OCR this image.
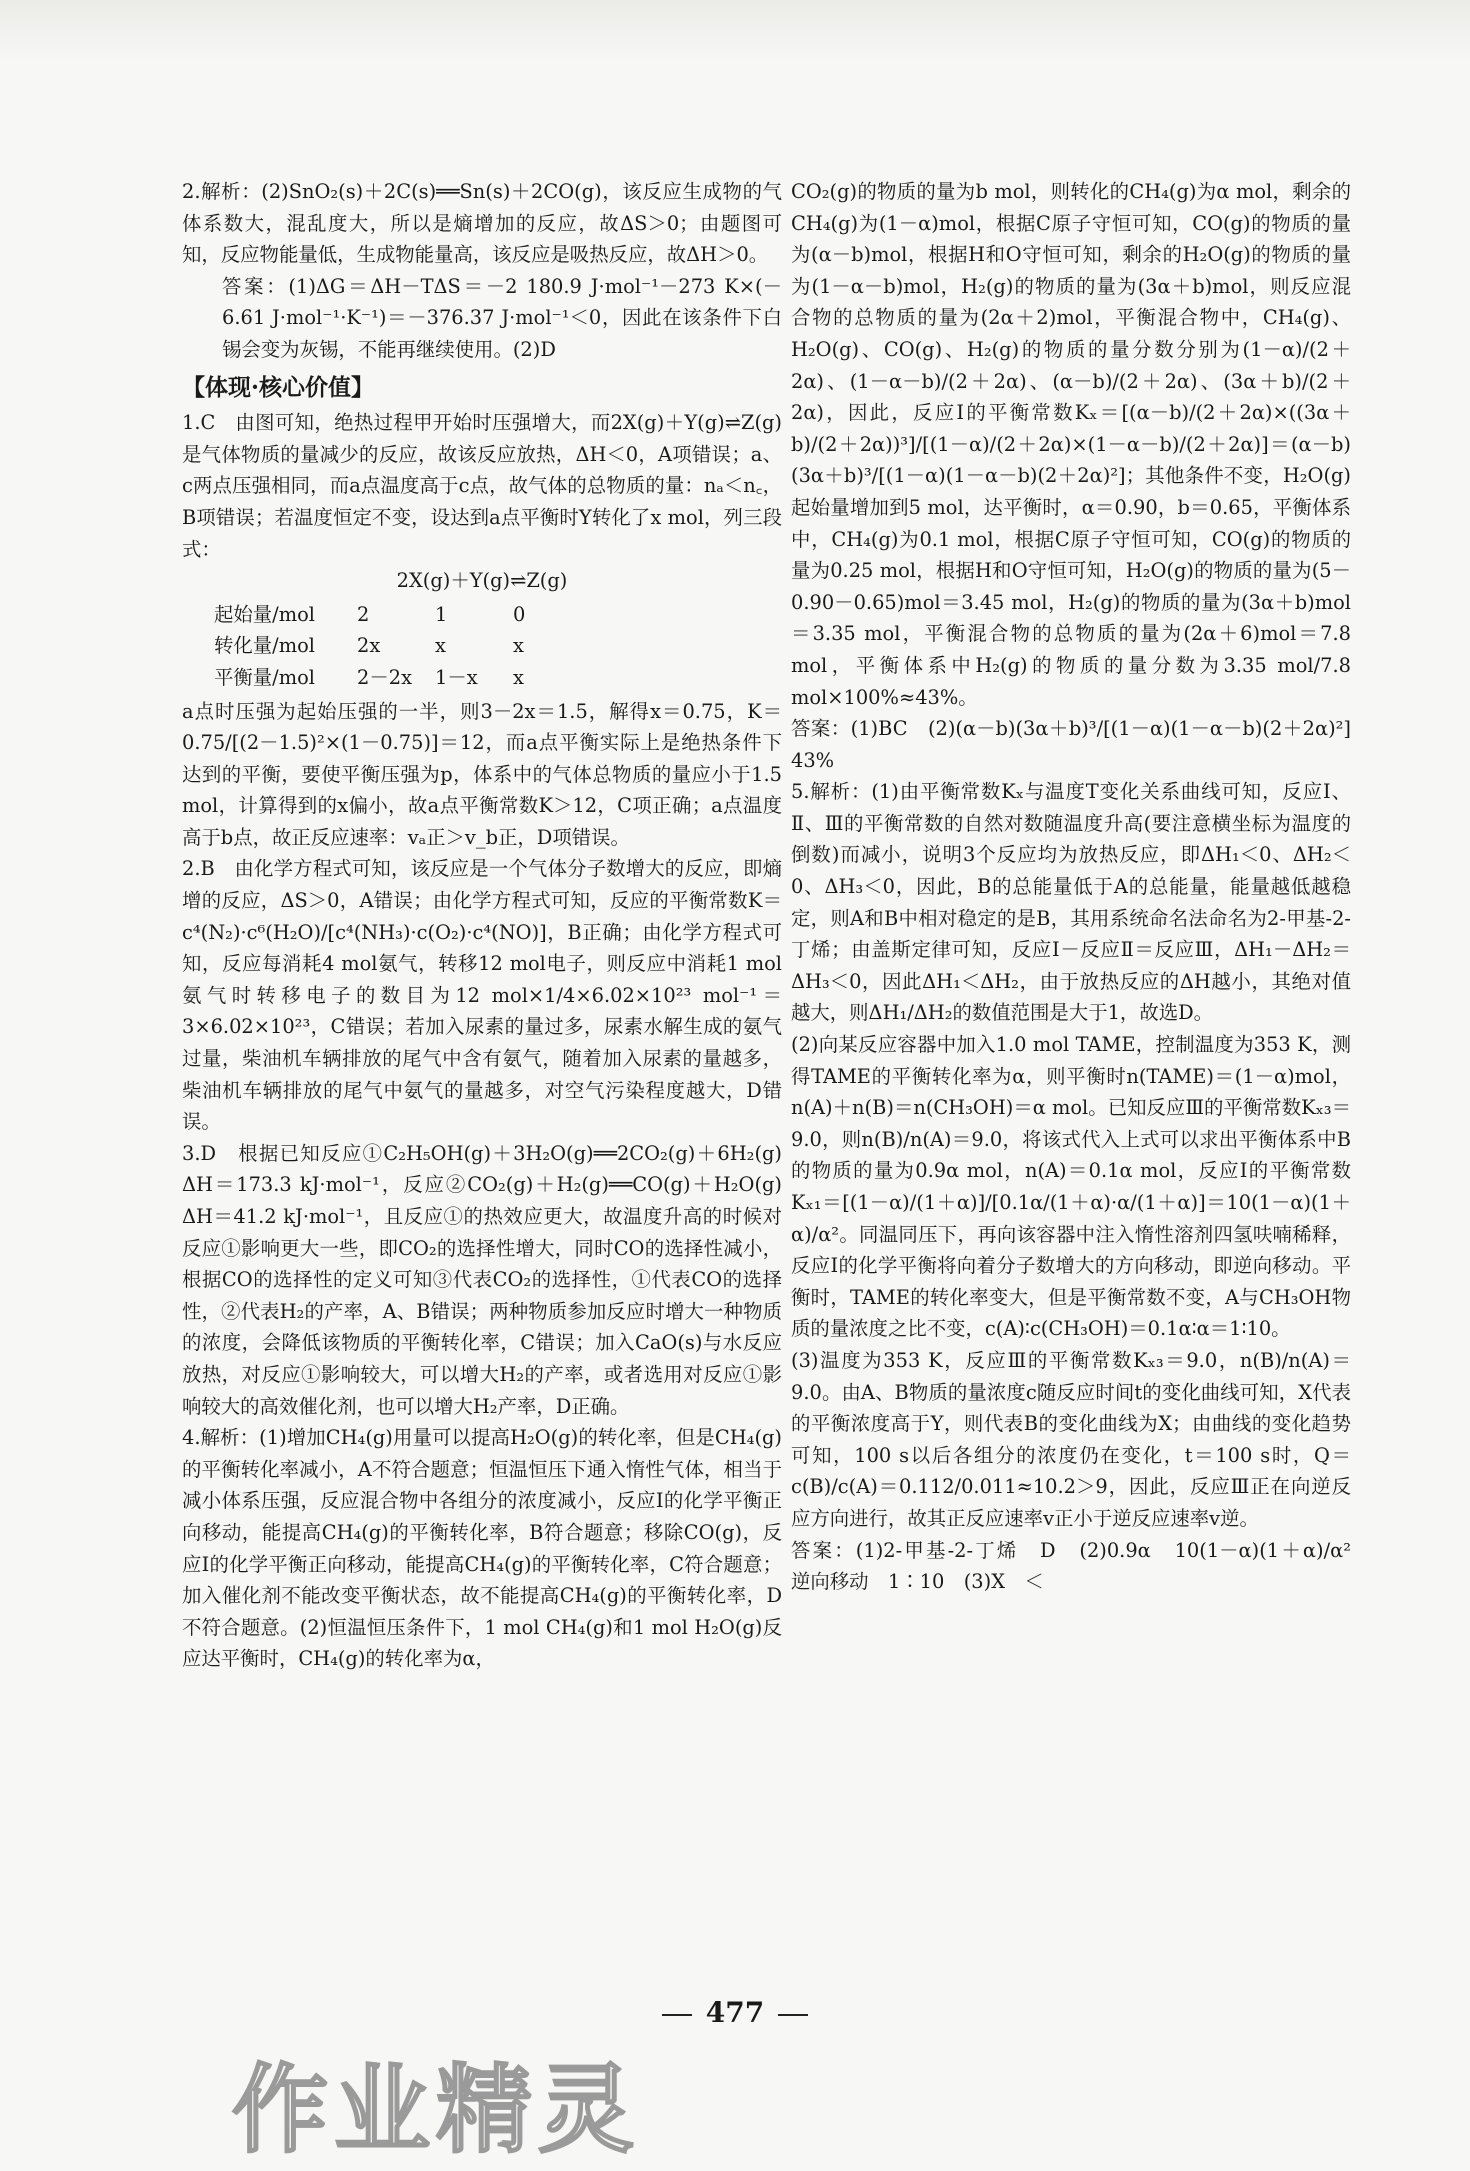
2.解析：(2)SnO₂(s)＋2C(s)══Sn(s)＋2CO(g)，该反应生成物的气体系数大，混乱度大，所以是熵增加的反应，故ΔS＞0；由题图可知，反应物能量低，生成物能量高，该反应是吸热反应，故ΔH＞0。

答案：(1)ΔG＝ΔH－TΔS＝－2 180.9 J·mol⁻¹－273 K×(－6.61 J·mol⁻¹·K⁻¹)＝－376.37 J·mol⁻¹＜0，因此在该条件下白锡会变为灰锡，不能再继续使用。(2)D

【体现·核心价值】

1.C　由图可知，绝热过程甲开始时压强增大，而2X(g)＋Y(g)⇌Z(g)是气体物质的量减少的反应，故该反应放热，ΔH＜0，A项错误；a、c两点压强相同，而a点温度高于c点，故气体的总物质的量：nₐ＜n꜀，B项错误；若温度恒定不变，设达到a点平衡时Y转化了x mol，列三段式：

2X(g)＋Y(g)⇌Z(g)

起始量/mol	2	1	0
转化量/mol	2x	x	x
平衡量/mol	2－2x	1－x	x

a点时压强为起始压强的一半，则3－2x＝1.5，解得x＝0.75，K＝0.75/[(2－1.5)²×(1－0.75)]＝12，而a点平衡实际上是绝热条件下达到的平衡，要使平衡压强为p，体系中的气体总物质的量应小于1.5 mol，计算得到的x偏小，故a点平衡常数K＞12，C项正确；a点温度高于b点，故正反应速率：vₐ正＞v_b正，D项错误。

2.B　由化学方程式可知，该反应是一个气体分子数增大的反应，即熵增的反应，ΔS＞0，A错误；由化学方程式可知，反应的平衡常数K＝c⁴(N₂)·c⁶(H₂O)/[c⁴(NH₃)·c(O₂)·c⁴(NO)]，B正确；由化学方程式可知，反应每消耗4 mol氨气，转移12 mol电子，则反应中消耗1 mol氨气时转移电子的数目为12 mol×1/4×6.02×10²³ mol⁻¹＝3×6.02×10²³，C错误；若加入尿素的量过多，尿素水解生成的氨气过量，柴油机车辆排放的尾气中含有氨气，随着加入尿素的量越多，柴油机车辆排放的尾气中氨气的量越多，对空气污染程度越大，D错误。

3.D　根据已知反应①C₂H₅OH(g)＋3H₂O(g)══2CO₂(g)＋6H₂(g)　ΔH＝173.3 kJ·mol⁻¹，反应②CO₂(g)＋H₂(g)══CO(g)＋H₂O(g)　ΔH＝41.2 kJ·mol⁻¹，且反应①的热效应更大，故温度升高的时候对反应①影响更大一些，即CO₂的选择性增大，同时CO的选择性减小，根据CO的选择性的定义可知③代表CO₂的选择性，①代表CO的选择性，②代表H₂的产率，A、B错误；两种物质参加反应时增大一种物质的浓度，会降低该物质的平衡转化率，C错误；加入CaO(s)与水反应放热，对反应①影响较大，可以增大H₂的产率，或者选用对反应①影响较大的高效催化剂，也可以增大H₂产率，D正确。

4.解析：(1)增加CH₄(g)用量可以提高H₂O(g)的转化率，但是CH₄(g)的平衡转化率减小，A不符合题意；恒温恒压下通入惰性气体，相当于减小体系压强，反应混合物中各组分的浓度减小，反应Ⅰ的化学平衡正向移动，能提高CH₄(g)的平衡转化率，B符合题意；移除CO(g)，反应Ⅰ的化学平衡正向移动，能提高CH₄(g)的平衡转化率，C符合题意；加入催化剂不能改变平衡状态，故不能提高CH₄(g)的平衡转化率，D不符合题意。(2)恒温恒压条件下，1 mol CH₄(g)和1 mol H₂O(g)反应达平衡时，CH₄(g)的转化率为α，

CO₂(g)的物质的量为b mol，则转化的CH₄(g)为α mol，剩余的CH₄(g)为(1－α)mol，根据C原子守恒可知，CO(g)的物质的量为(α－b)mol，根据H和O守恒可知，剩余的H₂O(g)的物质的量为(1－α－b)mol，H₂(g)的物质的量为(3α＋b)mol，则反应混合物的总物质的量为(2α＋2)mol，平衡混合物中，CH₄(g)、H₂O(g)、CO(g)、H₂(g)的物质的量分数分别为(1－α)/(2＋2α)、(1－α－b)/(2＋2α)、(α－b)/(2＋2α)、(3α＋b)/(2＋2α)，因此，反应Ⅰ的平衡常数Kₓ＝[(α－b)/(2＋2α)×((3α＋b)/(2＋2α))³]/[(1－α)/(2＋2α)×(1－α－b)/(2＋2α)]＝(α－b)(3α＋b)³/[(1－α)(1－α－b)(2＋2α)²]；其他条件不变，H₂O(g)起始量增加到5 mol，达平衡时，α＝0.90，b＝0.65，平衡体系中，CH₄(g)为0.1 mol，根据C原子守恒可知，CO(g)的物质的量为0.25 mol，根据H和O守恒可知，H₂O(g)的物质的量为(5－0.90－0.65)mol＝3.45 mol，H₂(g)的物质的量为(3α＋b)mol＝3.35 mol，平衡混合物的总物质的量为(2α＋6)mol＝7.8 mol，平衡体系中H₂(g)的物质的量分数为3.35 mol/7.8 mol×100%≈43%。

答案：(1)BC　(2)(α－b)(3α＋b)³/[(1－α)(1－α－b)(2＋2α)²]　43%

5.解析：(1)由平衡常数Kₓ与温度T变化关系曲线可知，反应Ⅰ、Ⅱ、Ⅲ的平衡常数的自然对数随温度升高(要注意横坐标为温度的倒数)而减小，说明3个反应均为放热反应，即ΔH₁＜0、ΔH₂＜0、ΔH₃＜0，因此，B的总能量低于A的总能量，能量越低越稳定，则A和B中相对稳定的是B，其用系统命名法命名为2-甲基-2-丁烯；由盖斯定律可知，反应Ⅰ－反应Ⅱ＝反应Ⅲ，ΔH₁－ΔH₂＝ΔH₃＜0，因此ΔH₁＜ΔH₂，由于放热反应的ΔH越小，其绝对值越大，则ΔH₁/ΔH₂的数值范围是大于1，故选D。

(2)向某反应容器中加入1.0 mol TAME，控制温度为353 K，测得TAME的平衡转化率为α，则平衡时n(TAME)＝(1－α)mol，n(A)＋n(B)＝n(CH₃OH)＝α mol。已知反应Ⅲ的平衡常数Kₓ₃＝9.0，则n(B)/n(A)＝9.0，将该式代入上式可以求出平衡体系中B的物质的量为0.9α mol，n(A)＝0.1α mol，反应Ⅰ的平衡常数Kₓ₁＝[(1－α)/(1＋α)]/[0.1α/(1＋α)·α/(1＋α)]＝10(1－α)(1＋α)/α²。同温同压下，再向该容器中注入惰性溶剂四氢呋喃稀释，反应Ⅰ的化学平衡将向着分子数增大的方向移动，即逆向移动。平衡时，TAME的转化率变大，但是平衡常数不变，A与CH₃OH物质的量浓度之比不变，c(A)∶c(CH₃OH)＝0.1α∶α＝1∶10。

(3)温度为353 K，反应Ⅲ的平衡常数Kₓ₃＝9.0，n(B)/n(A)＝9.0。由A、B物质的量浓度c随反应时间t的变化曲线可知，X代表的平衡浓度高于Y，则代表B的变化曲线为X；由曲线的变化趋势可知，100 s以后各组分的浓度仍在变化，t＝100 s时，Q＝c(B)/c(A)＝0.112/0.011≈10.2＞9，因此，反应Ⅲ正在向逆反应方向进行，故其正反应速率v正小于逆反应速率v逆。

答案：(1)2-甲基-2-丁烯　D　(2)0.9α　10(1－α)(1＋α)/α²　逆向移动　1∶10　(3)X　＜

477
作业精灵
